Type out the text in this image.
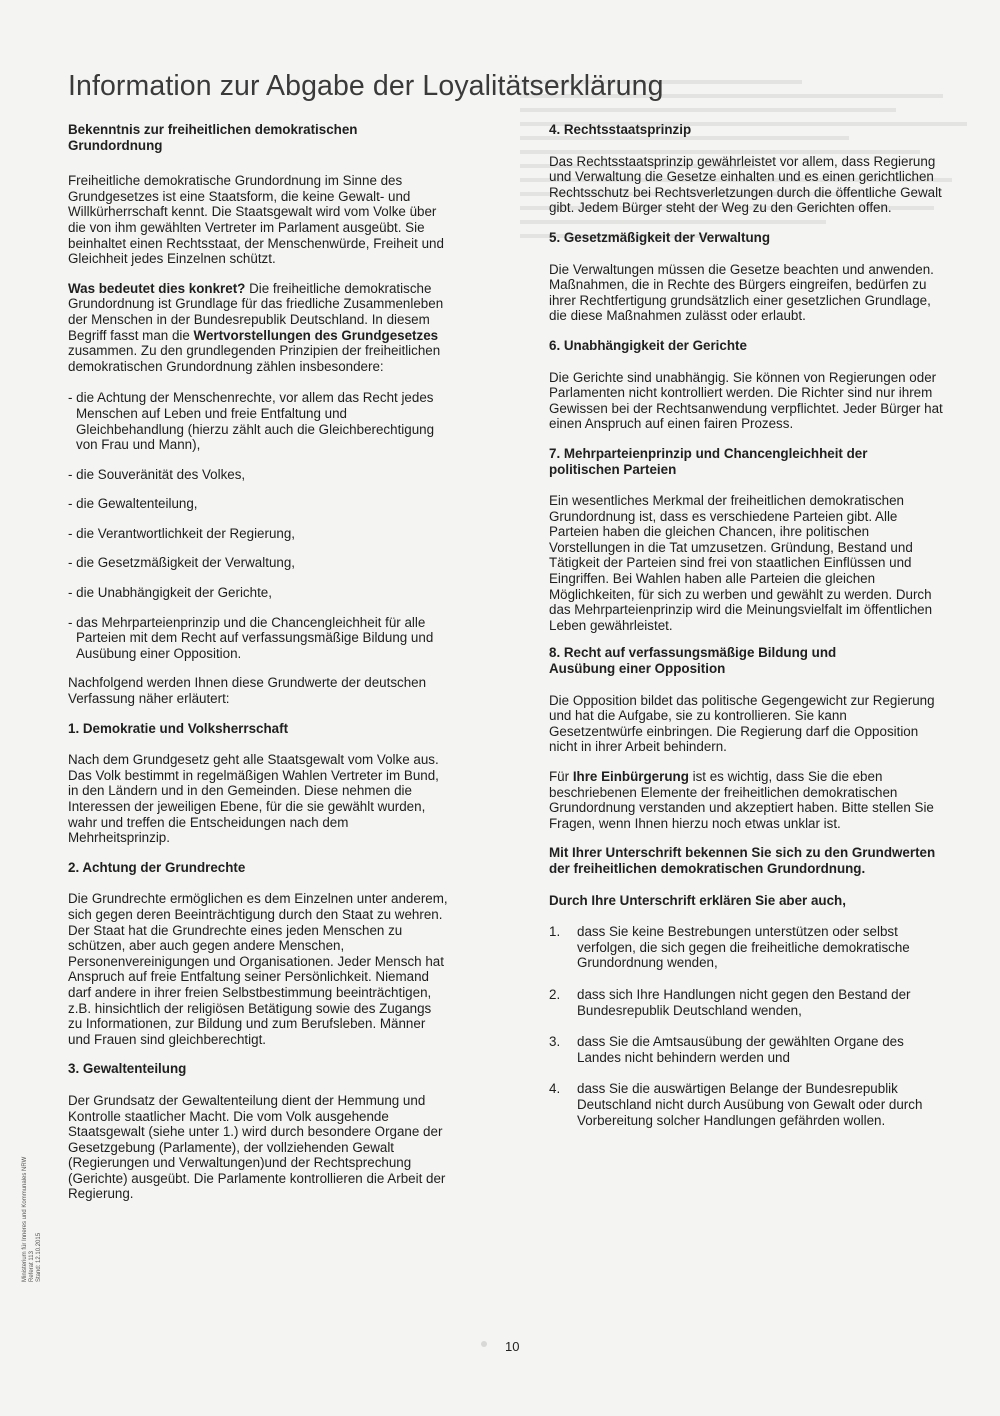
Information zur Abgabe der Loyalitätserklärung

Bekenntnis zur freiheitlichen demokratischen
Grundordnung

Freiheitliche demokratische Grundordnung im Sinne des Grundgesetzes ist eine Staatsform, die keine Gewalt- und Willkürherrschaft kennt. Die Staatsgewalt wird vom Volke über die von ihm gewählten Vertreter im Parlament ausgeübt. Sie beinhaltet einen Rechtsstaat, der Menschenwürde, Freiheit und Gleichheit jedes Einzelnen schützt.

Was bedeutet dies konkret? Die freiheitliche demokratische Grundordnung ist Grundlage für das friedliche Zusammenleben der Menschen in der Bundesrepublik Deutschland. In diesem Begriff fasst man die Wertvorstellungen des Grundgesetzes zusammen. Zu den grundlegenden Prinzipien der freiheitlichen demokratischen Grundordnung zählen insbesondere:

- die Achtung der Menschenrechte, vor allem das Recht jedes Menschen auf Leben und freie Entfaltung und Gleichbehandlung (hierzu zählt auch die Gleichberechtigung von Frau und Mann),

- die Souveränität des Volkes,

- die Gewaltenteilung,

- die Verantwortlichkeit der Regierung,

- die Gesetzmäßigkeit der Verwaltung,

- die Unabhängigkeit der Gerichte,

- das Mehrparteienprinzip und die Chancengleichheit für alle Parteien mit dem Recht auf verfassungsmäßige Bildung und Ausübung einer Opposition.

Nachfolgend werden Ihnen diese Grundwerte der deutschen Verfassung näher erläutert:

1. Demokratie und Volksherrschaft

Nach dem Grundgesetz geht alle Staatsgewalt vom Volke aus. Das Volk bestimmt in regelmäßigen Wahlen Vertreter im Bund, in den Ländern und in den Gemeinden. Diese nehmen die Interessen der jeweiligen Ebene, für die sie gewählt wurden, wahr und treffen die Entscheidungen nach dem Mehrheitsprinzip.

2. Achtung der Grundrechte

Die Grundrechte ermöglichen es dem Einzelnen unter anderem, sich gegen deren Beeinträchtigung durch den Staat zu wehren. Der Staat hat die Grundrechte eines jeden Menschen zu schützen, aber auch gegen andere Menschen, Personenvereinigungen und Organisationen. Jeder Mensch hat Anspruch auf freie Entfaltung seiner Persönlichkeit. Niemand darf andere in ihrer freien Selbstbestimmung beeinträchtigen, z.B. hinsichtlich der religiösen Betätigung sowie des Zugangs zu Informationen, zur Bildung und zum Berufsleben. Männer und Frauen sind gleichberechtigt.

3. Gewaltenteilung

Der Grundsatz der Gewaltenteilung dient der Hemmung und Kontrolle staatlicher Macht. Die vom Volk ausgehende Staatsgewalt (siehe unter 1.) wird durch besondere Organe der Gesetzgebung (Parlamente), der vollziehenden Gewalt (Regierungen und Verwaltungen)und der Rechtsprechung (Gerichte) ausgeübt. Die Parlamente kontrollieren die Arbeit der Regierung.

4. Rechtsstaatsprinzip

Das Rechtsstaatsprinzip gewährleistet vor allem, dass Regierung und Verwaltung die Gesetze einhalten und es einen gerichtlichen Rechtsschutz bei Rechtsverletzungen durch die öffentliche Gewalt gibt. Jedem Bürger steht der Weg zu den Gerichten offen.

5. Gesetzmäßigkeit der Verwaltung

Die Verwaltungen müssen die Gesetze beachten und anwenden. Maßnahmen, die in Rechte des Bürgers eingreifen, bedürfen zu ihrer Rechtfertigung grundsätzlich einer gesetzlichen Grundlage, die diese Maßnahmen zulässt oder erlaubt.

6. Unabhängigkeit der Gerichte

Die Gerichte sind unabhängig. Sie können von Regierungen oder Parlamenten nicht kontrolliert werden. Die Richter sind nur ihrem Gewissen bei der Rechtsanwendung verpflichtet. Jeder Bürger hat einen Anspruch auf einen fairen Prozess.

7. Mehrparteienprinzip und Chancengleichheit der
politischen Parteien

Ein wesentliches Merkmal der freiheitlichen demokratischen Grundordnung ist, dass es verschiedene Parteien gibt. Alle Parteien haben die gleichen Chancen, ihre politischen Vorstellungen in die Tat umzusetzen. Gründung, Bestand und Tätigkeit der Parteien sind frei von staatlichen Einflüssen und Eingriffen. Bei Wahlen haben alle Parteien die gleichen Möglichkeiten, für sich zu werben und gewählt zu werden. Durch das Mehrparteienprinzip wird die Meinungsvielfalt im öffentlichen Leben gewährleistet.

8. Recht auf verfassungsmäßige Bildung und
Ausübung einer Opposition

Die Opposition bildet das politische Gegengewicht zur Regierung und hat die Aufgabe, sie zu kontrollieren. Sie kann Gesetzentwürfe einbringen. Die Regierung darf die Opposition nicht in ihrer Arbeit behindern.

Für Ihre Einbürgerung ist es wichtig, dass Sie die eben beschriebenen Elemente der freiheitlichen demokratischen Grundordnung verstanden und akzeptiert haben. Bitte stellen Sie Fragen, wenn Ihnen hierzu noch etwas unklar ist.

Mit Ihrer Unterschrift bekennen Sie sich zu den Grundwerten der freiheitlichen demokratischen Grundordnung.

Durch Ihre Unterschrift erklären Sie aber auch,

1.	dass Sie keine Bestrebungen unterstützen oder selbst verfolgen, die sich gegen die freiheitliche demokratische Grundordnung wenden,
2.	dass sich Ihre Handlungen nicht gegen den Bestand der Bundesrepublik Deutschland wenden,
3.	dass Sie die Amtsausübung der gewählten Organe des Landes nicht behindern werden und
4.	dass Sie die auswärtigen Belange der Bundesrepublik Deutschland nicht durch Ausübung von Gewalt oder durch Vorbereitung solcher Handlungen gefährden wollen.
Ministerium für Inneres und Kommunales NRW Referat 113 Stand: 12.10.2015
10
